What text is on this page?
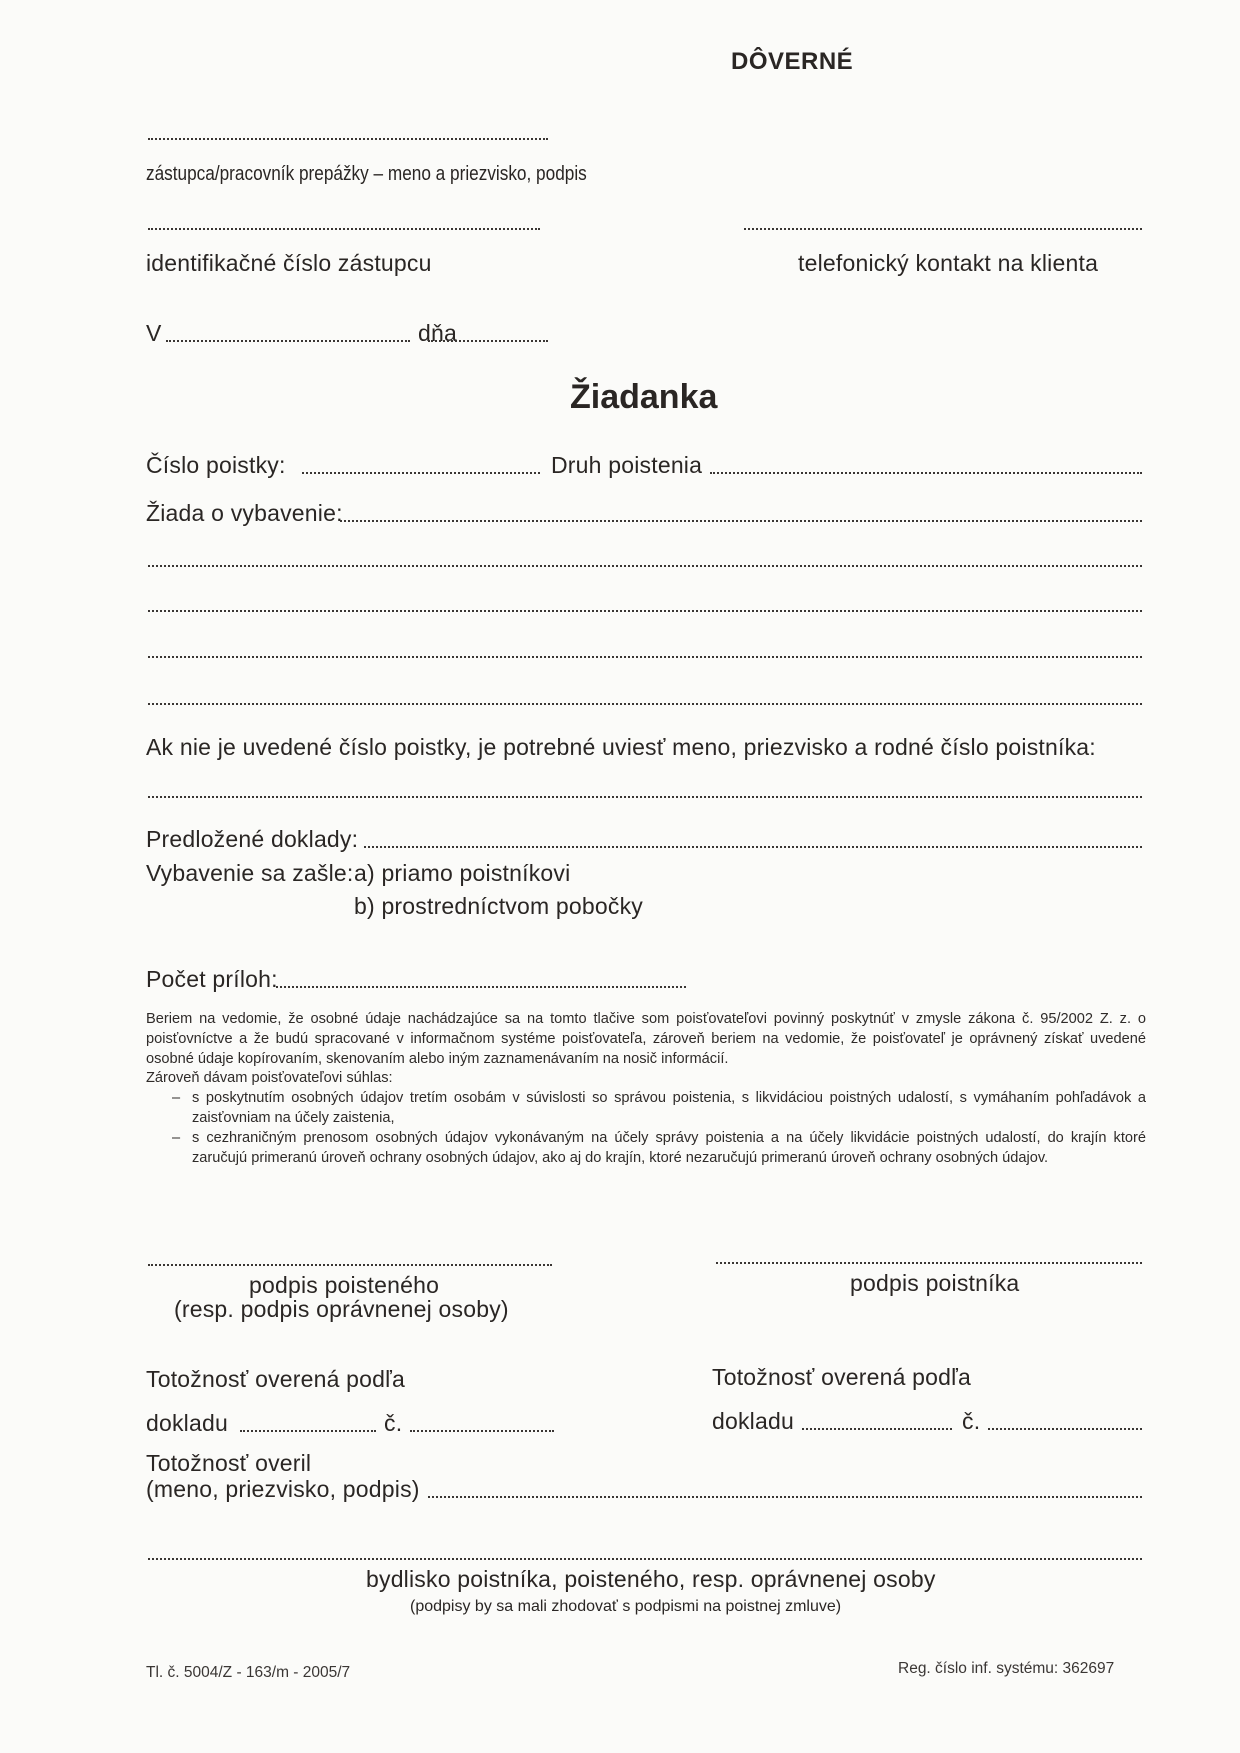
DÔVERNÉ
zástupca/pracovník prepážky – meno a priezvisko, podpis
identifikačné číslo zástupcu	telefonický kontakt na klienta
V	dňa
Žiadanka
Číslo poistky:	Druh poistenia
Žiada o vybavenie:
Ak nie je uvedené číslo poistky, je potrebné uviesť meno, priezvisko a rodné číslo poistníka:
Predložené doklady:
Vybavenie sa zašle: a) priamo poistníkovi
b) prostredníctvom pobočky
Počet príloh:

Beriem na vedomie, že osobné údaje nachádzajúce sa na tomto tlačive som poisťovateľovi povinný poskytnúť v zmysle zákona č. 95/2002 Z. z. o poisťovníctve a že budú spracované v informačnom systéme poisťovateľa, zároveň beriem na vedomie, že poisťovateľ je oprávnený získať uvedené osobné údaje kopírovaním, skenovaním alebo iným zaznamenávaním na nosič informácií.

Zároveň dávam poisťovateľovi súhlas:

– s poskytnutím osobných údajov tretím osobám v súvislosti so správou poistenia, s likvidáciou poistných udalostí, s vymáhaním pohľadávok a zaisťovniam na účely zaistenia,
– s cezhraničným prenosom osobných údajov vykonávaným na účely správy poistenia a na účely likvidácie poistných udalostí, do krajín ktoré zaručujú primeranú úroveň ochrany osobných údajov, ako aj do krajín, ktoré nezaručujú primeranú úroveň ochrany osobných údajov.
podpis poisteného
(resp. podpis oprávnenej osoby)
podpis poistníka
Totožnosť overená podľa	Totožnosť overená podľa
dokladu	č.	dokladu	č.
Totožnosť overil
(meno, priezvisko, podpis)
bydlisko poistníka, poisteného, resp. oprávnenej osoby
(podpisy by sa mali zhodovať s podpismi na poistnej zmluve)
Tl. č. 5004/Z - 163/m - 2005/7	Reg. číslo inf. systému: 362697
